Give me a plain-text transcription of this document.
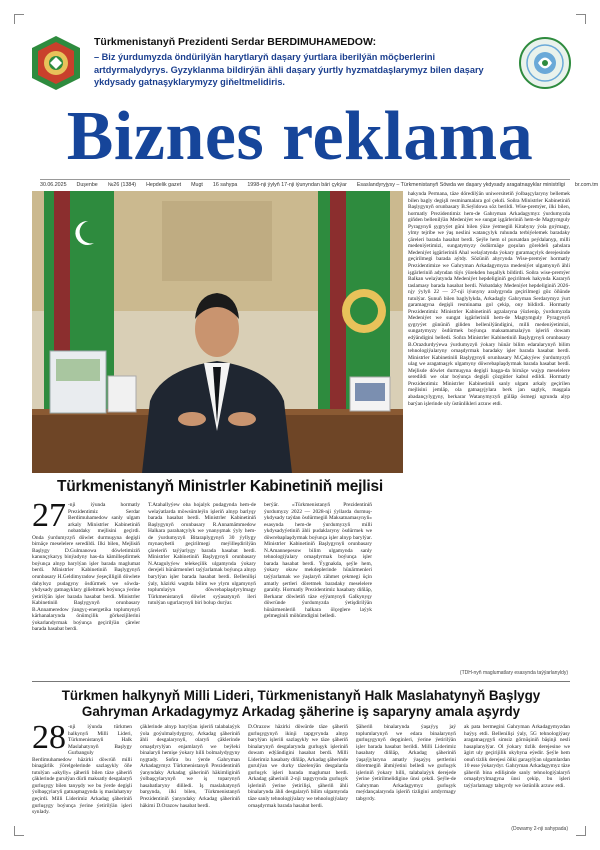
Türkmenistanyň Prezidenti Serdar BERDIMUHAMEDOW:
– Biz ýurdumyzda öndürilýän harytlaryň dașary ýurtlara iberilýän möçberlerini artdyrmalydyrys. Gyzyklanma bildirýän ähli dașary ýurtly hyzmatdaşlarymyz bilen dașary ykdysady gatnaşyklarymyzy giňeltmelidiris.
Biznes reklama
30.06.2025 Duşenbe №26 (1384) Hepdelik gazet Mugt 16 sahypa 1998-nji ýylyň 17-nji iýunyndan bäri çykýar Esaslandyryjysy – Türkmenistanyň Söwda we daşary ykdysady aragatnaşyklar ministrligi br.com.tm
Türkmenistanyň Ministrler Kabinetiniň mejlisi
27 -nji iýunda hormatly Prezidentimiz Serdar Berdimuhamedow sanly ulgam arkaly Ministrler Kabinetiniň nobatdaky mejlisini geçirdi. Onda ýurdumyzyň döwlet durmuşyna degişli birnäçe meselelere seredildi. Ilki bilen, Mejlisiň Başlygy D.Gulmanowa döwletimiziň kanunçykaryş binýadyny has-da kämilleşdirmek boýunça alnyp barylýan işler barada maglumat berdi. Ministrler Kabinetiniň Başlygynyň orunbasary H.Geldimyradow ýeşeçilligiň döwlete dahylsyz pudagyny ösdürmek we söwda-ykdysady gatnaşyklary giňeltmek boýunça ýerine ýetirilýän işler barada hasabat berdi. Ministrler Kabinetiniň Başlygynyň orunbasary B.Annameredow ýangyç-energetika toplumynyň kärhanalarynda önümçilik görkezijilerini ýokarlandyrmak boýunça geçirilýän çäreler barada hasabat berdi.
T.Atahallyýew oba hojalyk pudagynda hem-de welaýatlarda möwsümleýin işleriň alnyp barlyşy barada hasabat berdi. Ministrler Kabinetiniň Başlygynyň orunbasary R.Annamämmedow Halkara parahatçylyk we ynanyşmak ýyly hem-de ýurdumyzyň Bitaraplygynyň 30 ýyllygy mynasybetli geçirilmegi meýilleşdirilýän çäreleriň taýýarlygy barada hasabat berdi. Ministrler Kabinetiniň Başlygynyň orunbasary N.Atagulyýew telekeçilik ulgamynda ýokary derejeli hünärmenleri taýýarlamak boýunça alnyp barylýan işler barada hasabat berdi. Bellenilişi ýaly, häzirki wagtda bilim we ylym ulgamynyň toplumlaýyn döwrebaplaşdyrylmagy Türkmenistanyň döwlet syýasatynyň ileri tutulýan ugurlarynyň biri bolup durýar.
berýär. «Türkmenistanyň Prezidentiniň ýurdumyzy 2022 — 2028-nji ýyllarda durmuş-ykdysady taýdan ösdürmegiň Maksatnamasynyň» esasynda hem-de ýurdumyzyň milli ykdysadyýetiniň ähli pudaklaryny ösdürmek we döwrebaplaşdyrmak boýunça işler alnyp barylýar. Ministrler Kabinetiniň Başlygynyň orunbasary N.Amannepesow bilim ulgamynda sanly tehnologiýalary ornaşdyrmak boýunça işler barada hasabat berdi. Ýygnakda, şeýle hem, ýokary okuw mekdeplerinde hünärmenleri taýýarlamak we ýaşlaryň zähmet çekmegi üçin amatly şertleri döretmek baradaky meselelere garaldy. Hormatly Prezidentimiz hasabaty diňläp, Berkarar döwletiň täze eýýamynyň Galkynyşy döwründe ýurdumyzda ýetişdirilýän hünärmenleriň halkara ölçeglere laýyk gelmeginiň möhümdigini belledi.
hakynda Permana, täze döredilýän uniwersitetiň ýolbaşçylaryny bellemek bilen bagly degişli resminamalara gol çekdi. Soňra Ministrler Kabinetiniň Başlygynyň orunbasary B.Seýidowa söz berildi. Wise-premýer, ilki bilen, hormatly Prezidentimiz hem-de Gahryman Arkadagymyz ýurdumyzda giňden bellenilýän Medeniýet we sungat işgärleriniň hem-de Magtymguly Pyragynyň şygryýet güni bilen ýüze ýetmegiň Kitabyny ýola goýmagy, ylmy tejribe we ýaş neslini watançylyk ruhunda terbiýelemek baradaky çäreleri barada hasabat berdi. Şeýle hem ol pursatdan peýdalanyp, milli medeniýetimizi, sungatymyzy ösdürmäge goşulan göreldeli şahslara Medeniýet işgärleriniň Ahal welaýatynda ýokary guramaçylyk derejesinde geçirilmegi barada aýtdy. Sözüniň ahyrynda Wise-premýer hormatly Prezidentimize we Gahryman Arkadagymyza medeniýet ulgamynyň ähli işgärleriniň adyndan tüýs ýürekden hoşallyk bildirdi. Soňra wise-premýer Balkan welaýatynda Medeniýet hepdeliginiň geçirilmek hakynda Kararyň taslamasy barada hasabat berdi. Nobatdaky Medeniýet hepdeliginiň 2026-njy ýylyň 22 — 27-nji iýunyny aralygynda geçirilmegi göz öňünde tutulýar. Şunuň bilen baglylykda, Arkadagly Gahryman Serdarymyz ýurt garamagyna degişli resminama gol çekip, ony bildirdi. Hormatly Prezidentimiz Ministrler Kabinetiniň agzalaryna ýüzlenip, ýurdumyzda Medeniýet we sungat işgärleriniň hem-de Magtymguly Pyragynyň şygryýet gününiň giňden bellenilýändigini, milli medeniýetimizi, sungatymyzy ösdürmek boýunça maksatnamalaýyn işleriň dowam edýändigini belledi. Soňra Ministrler Kabinetiniň Başlygynyň orunbasary B.Orazdurdyýewa ýurdumyzyň ýokary hünär bilim edaralarynyň bilim tehnologiýalaryny ornaşdyrmak baradaky işler barada hasabat berdi. Ministrler Kabinetiniň Başlygynyň orunbasary M.Çakyýew ýurdumyzyň ulag we aragatnaşyk ulgamyny döwrebaplaşdyrmak barada hasabat berdi. Mejlisde döwlet durmuşyna degişli başga-da birnäçe wajyp meselelere seredildi we olar boýunça degişli çözgütler kabul edildi. Hormatly Prezidentimiz Ministrler Kabinetiniň sanly ulgam arkaly geçirilen mejlisini jemläp, ola gatnaşyjylara berk jan saglyk, maşgala abadançylygyny, berkarar Watanymyzyň gülläp ösmegi ugrunda alyp barýan işlerinde uly üstünlikleri arzuw etdi.
(TDH-nyň maglumatlary esasynda taýýarlanyldy)
Türkmen halkynyň Milli Lideri, Türkmenistanyň Halk Maslahatynyň Başlygy Gahryman Arkadagymyz Arkadag şäherine iş saparyny amala aşyrdy
28 -nji iýunda türkmen halkynyň Milli Lideri, Türkmenistanyň Halk Maslahatynyň Başlygy Gurbanguly Berdimuhamedow häzirki döwrüň milli binagärlik ýörelgelerinde sazlaşykly öňe tutulýan «akylly» şäheriň bilen täze şäheriň çäklerinde gurulýan dürli maksatly desgalaryň gurluşygy bilen tanyşdy we bu ýerde degişli ýolbaşçylaryň gatnaşmagynda iş maslahatyny geçirdi. Milli Liderimiz Arkadag şäheriniň gurluşygy boýunça ýerine ýetirilýän işleri synlady.
çäklerinde alnyp barylýan işleriň talabalaýyk ýola goýulmalydygyny, Arkadag şäheriniň ähli desgalarynyň, olaryň çäklerinde ornaşdyrylýan enjamlaryň we beýleki binalaryň hemişe ýokary hilli bolmalydygyny nygtady. Soňra bu ýerde Gahryman Arkadagymyz Türkmenistanyň Prezidentiniň ýanyndaky Arkadag şäheriniň häkimliginiň ýolbaşçylarynyň we iş toparynyň hasabatlaryny diňledi. Iş maslahatynyň barşynda, ilki bilen, Türkmenistanyň Prezidentiniň ýanyndaky Arkadag şäheriniň häkimi D.Orazow hasabat berdi.
D.Orazow häzirki döwürde täze şäheriň gurluşygynyň ikinji tapgyrynda alnyp barylýan işleriň sazlaşykly we täze şäheriň binalarynyň desgalarynda gurluşyk işleriniň dowam edýändigini hasabat berdi. Milli Liderimiz hasabaty diňläp, Arkadag şäherinde gurulýan we durky täzelenýän desgalarda gurluşyk işleri barada maglumat berdi. Arkadag şäheriniň 2-nji tapgyrynda gurluşyk işleriniň ýerine ýetirilişi, şäheriň ähli binalarynda ähli desgalaryň bilim ulgamynda täze sanly tehnologiýalary we tehnologiýalary ornaşdyrmak barada hasabat berdi.
Şäheriň binalarynda ýaşaýyş jaý toplumlarynyň we edara binalarynyň gurluşygynyň depginleri, ýerine ýetirilýän işler barada hasabat berildi. Milli Liderimiz hasabaty diňläp, Arkadag şäheriniň ýaşaýjylaryna amatly ýaşaýyş şertlerini döretmegiň ähmiýetini belledi we gurluşyk işleriniň ýokary hilli, talabalaýyk derejede ýerine ýetirilmelidigine ünsi çekdi. Şeýle-de Gahryman Arkadagymyz gurluşyk meýdançalarynda işleriň tizligini artdyrmagy tabşyrdy.
ak pata bermegini Gahryman Arkadagymyzdan haýyş etdi. Bellenilişi ýaly, 5G tehnologiýasy aragatnaşygyň simsiz görnüşiniň bäşinji nesli hasaplanylýar. Ol ýokary tizlik derejesine we ägirt uly geçirijilik ukybyna eýedir. Şeýle hem onuň tizlik derejesi öňki garaşylýan ulgamlardan 10 esse ýokarydyr. Gahryman Arkadagymyz täze şäheriň bina edilişinde sanly tehnologiýalaryň ornaşdyrylmagyna ünsi çekip, bu işleri taýýarlamagy tabşyrdy we üstünlik arzuw etdi.
(Dowamy 2-nji sahypada)
